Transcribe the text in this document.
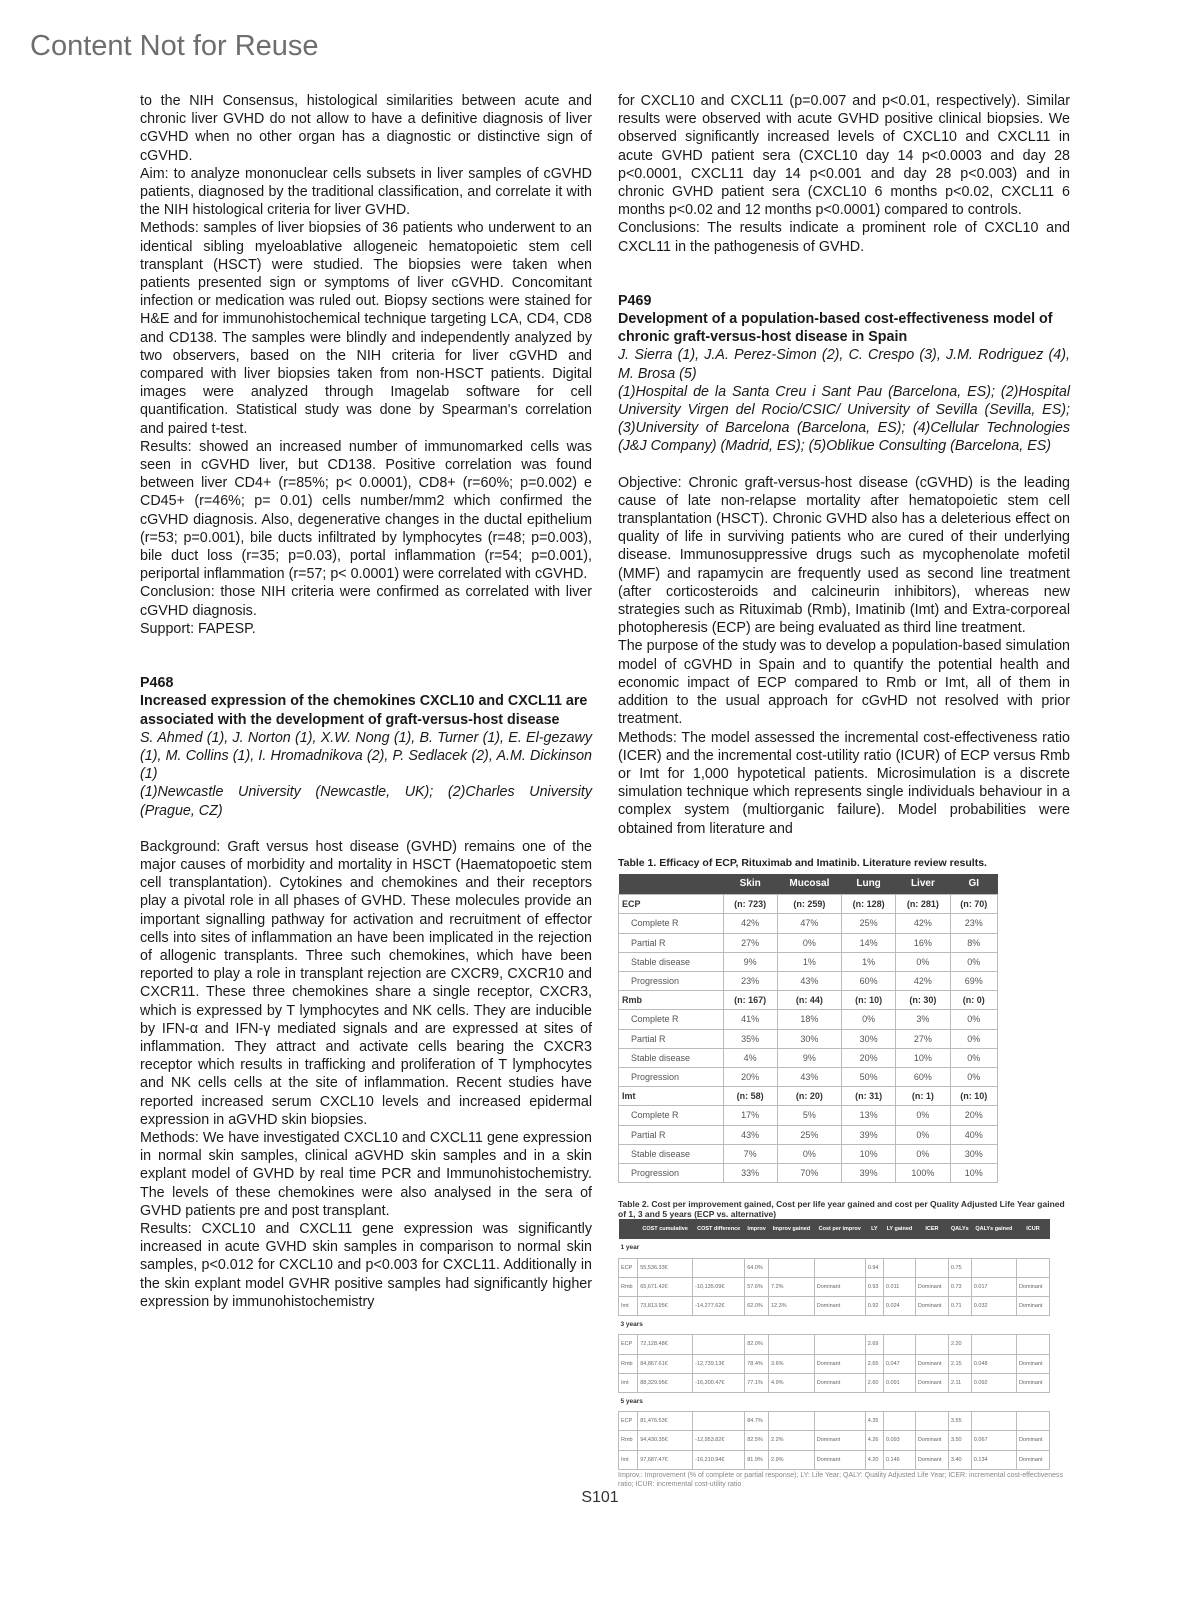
Content Not for Reuse

to the NIH Consensus, histological similarities between acute and chronic liver GVHD do not allow to have a definitive diagnosis of liver cGVHD when no other organ has a diagnostic or distinctive sign of cGVHD.

Aim: to analyze mononuclear cells subsets in liver samples of cGVHD patients, diagnosed by the traditional classification, and correlate it with the NIH histological criteria for liver GVHD.

Methods: samples of liver biopsies of 36 patients who underwent to an identical sibling myeloablative allogeneic hematopoietic stem cell transplant (HSCT) were studied. The biopsies were taken when patients presented sign or symptoms of liver cGVHD. Concomitant infection or medication was ruled out. Biopsy sections were stained for H&E and for immunohistochemical technique targeting LCA, CD4, CD8 and CD138. The samples were blindly and independently analyzed by two observers, based on the NIH criteria for liver cGVHD and compared with liver biopsies taken from non-HSCT patients. Digital images were analyzed through Imagelab software for cell quantification. Statistical study was done by Spearman's correlation and paired t-test.

Results: showed an increased number of immunomarked cells was seen in cGVHD liver, but CD138. Positive correlation was found between liver CD4+ (r=85%; p< 0.0001), CD8+ (r=60%; p=0.002) e CD45+ (r=46%; p= 0.01) cells number/mm2 which confirmed the cGVHD diagnosis. Also, degenerative changes in the ductal epithelium (r=53; p=0.001), bile ducts infiltrated by lymphocytes (r=48; p=0.003), bile duct loss (r=35; p=0.03), portal inflammation (r=54; p=0.001), periportal inflammation (r=57; p< 0.0001) were correlated with cGVHD.

Conclusion: those NIH criteria were confirmed as correlated with liver cGVHD diagnosis.

Support: FAPESP.

P468

Increased expression of the chemokines CXCL10 and CXCL11 are associated with the development of graft-versus-host disease

S. Ahmed (1), J. Norton (1), X.W. Nong (1), B. Turner (1), E. El-gezawy (1), M. Collins (1), I. Hromadnikova (2), P. Sedlacek (2), A.M. Dickinson (1)

(1)Newcastle University (Newcastle, UK); (2)Charles University (Prague, CZ)

Background: Graft versus host disease (GVHD) remains one of the major causes of morbidity and mortality in HSCT (Haematopoetic stem cell transplantation). Cytokines and chemokines and their receptors play a pivotal role in all phases of GVHD. These molecules provide an important signalling pathway for activation and recruitment of effector cells into sites of inflammation an have been implicated in the rejection of allogenic transplants. Three such chemokines, which have been reported to play a role in transplant rejection are CXCR9, CXCR10 and CXCR11. These three chemokines share a single receptor, CXCR3, which is expressed by T lymphocytes and NK cells. They are inducible by IFN-α and IFN-γ mediated signals and are expressed at sites of inflammation. They attract and activate cells bearing the CXCR3 receptor which results in trafficking and proliferation of T lymphocytes and NK cells cells at the site of inflammation. Recent studies have reported increased serum CXCL10 levels and increased epidermal expression in aGVHD skin biopsies.

Methods: We have investigated CXCL10 and CXCL11 gene expression in normal skin samples, clinical aGVHD skin samples and in a skin explant model of GVHD by real time PCR and Immunohistochemistry. The levels of these chemokines were also analysed in the sera of GVHD patients pre and post transplant.

Results: CXCL10 and CXCL11 gene expression was significantly increased in acute GVHD skin samples in comparison to normal skin samples, p<0.012 for CXCL10 and p<0.003 for CXCL11. Additionally in the skin explant model GVHR positive samples had significantly higher expression by immunohistochemistry

for CXCL10 and CXCL11 (p=0.007 and p<0.01, respectively). Similar results were observed with acute GVHD positive clinical biopsies. We observed significantly increased levels of CXCL10 and CXCL11 in acute GVHD patient sera (CXCL10 day 14 p<0.0003 and day 28 p<0.0001, CXCL11 day 14 p<0.001 and day 28 p<0.003) and in chronic GVHD patient sera (CXCL10 6 months p<0.02, CXCL11 6 months p<0.02 and 12 months p<0.0001) compared to controls.

Conclusions: The results indicate a prominent role of CXCL10 and CXCL11 in the pathogenesis of GVHD.

P469

Development of a population-based cost-effectiveness model of chronic graft-versus-host disease in Spain

J. Sierra (1), J.A. Perez-Simon (2), C. Crespo (3), J.M. Rodriguez (4), M. Brosa (5)

(1)Hospital de la Santa Creu i Sant Pau (Barcelona, ES); (2)Hospital University Virgen del Rocio/CSIC/ University of Sevilla (Sevilla, ES); (3)University of Barcelona (Barcelona, ES); (4)Cellular Technologies (J&J Company) (Madrid, ES); (5)Oblikue Consulting (Barcelona, ES)

Objective: Chronic graft-versus-host disease (cGVHD) is the leading cause of late non-relapse mortality after hematopoietic stem cell transplantation (HSCT). Chronic GVHD also has a deleterious effect on quality of life in surviving patients who are cured of their underlying disease. Immunosuppressive drugs such as mycophenolate mofetil (MMF) and rapamycin are frequently used as second line treatment (after corticosteroids and calcineurin inhibitors), whereas new strategies such as Rituximab (Rmb), Imatinib (Imt) and Extra-corporeal photopheresis (ECP) are being evaluated as third line treatment.

The purpose of the study was to develop a population-based simulation model of cGVHD in Spain and to quantify the potential health and economic impact of ECP compared to Rmb or Imt, all of them in addition to the usual approach for cGvHD not resolved with prior treatment.

Methods: The model assessed the incremental cost-effectiveness ratio (ICER) and the incremental cost-utility ratio (ICUR) of ECP versus Rmb or Imt for 1,000 hypotetical patients. Microsimulation is a discrete simulation technique which represents single individuals behaviour in a complex system (multiorganic failure). Model probabilities were obtained from literature and

Table 1. Efficacy of ECP, Rituximab and Imatinib. Literature review results.
	Skin	Mucosal	Lung	Liver	GI
ECP	(n: 723)	(n: 259)	(n: 128)	(n: 281)	(n: 70)
Complete R	42%	47%	25%	42%	23%
Partial R	27%	0%	14%	16%	8%
Stable disease	9%	1%	1%	0%	0%
Progression	23%	43%	60%	42%	69%
Rmb	(n: 167)	(n: 44)	(n: 10)	(n: 30)	(n: 0)
Complete R	41%	18%	0%	3%	0%
Partial R	35%	30%	30%	27%	0%
Stable disease	4%	9%	20%	10%	0%
Progression	20%	43%	50%	60%	0%
Imt	(n: 58)	(n: 20)	(n: 31)	(n: 1)	(n: 10)
Complete R	17%	5%	13%	0%	20%
Partial R	43%	25%	39%	0%	40%
Stable disease	7%	0%	10%	0%	30%
Progression	33%	70%	39%	100%	10%
Table 2. Cost per improvement gained, Cost per life year gained and cost per Quality Adjusted Life Year gained of 1, 3 and 5 years (ECP vs. alternative)
	COST cumulative	COST difference	Improv	Improv gained	Cost per improv	LY	LY gained	ICER	QALYs	QALYs gained	ICUR
1 year											
ECP	55,536.33€		64.0%			0.94			0.75		
Rmb	65,671.42€	-10,135.09€	57.6%	7.2%	Dominant	0.93	0.011	Dominant	0.73	0.017	Dominant
Imt	73,813.95€	-14,277.62€	62.0%	12.3%	Dominant	0.92	0.024	Dominant	0.71	0.032	Dominant
3 years											
ECP	72,128.48€		82.0%			2.69			2.20		
Rmb	84,867.61€	-12,739.13€	78.4%	3.6%	Dominant	2.65	0.047	Dominant	2.15	0.048	Dominant
Imt	88,329.95€	-16,200.47€	77.1%	4.9%	Dominant	2.60	0.091	Dominant	2.11	0.092	Dominant
5 years											
ECP	81,476.53€		84.7%			4.35			3.55		
Rmb	94,430.35€	-12,953.82€	82.5%	2.2%	Dominant	4.26	0.093	Dominant	3.50	0.067	Dominant
Imt	97,687.47€	-16,210.94€	81.9%	2.9%	Dominant	4.20	0.146	Dominant	3.40	0.134	Dominant
Improv.: Improvement (% of complete or partial response); LY: Life Year; QALY: Quality Adjusted Life Year; ICER: incremental cost-effectiveness ratio; ICUR: incremental cost-utility ratio
S101
